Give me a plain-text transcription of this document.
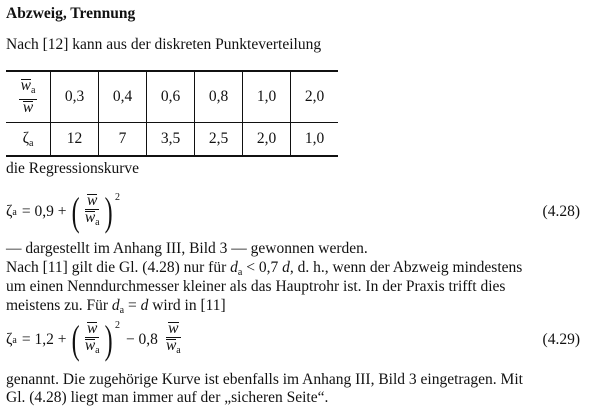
Abzweig, Trennung
Nach [12] kann aus der diskreten Punkteverteilung
$\frac{w_a}{w}$	0,3	0,4	0,6	0,8	1,0	2,0
$\zeta_a$	12	7	3,5	2,5	2,0	1,0
die Regressionskurve
ζ a = 0,9 + ( $\frac{w}{w_a}$ ) 2
(4.28)
— dargestellt im Anhang III, Bild 3 — gewonnen werden.
Nach [11] gilt die Gl. (4.28) nur für $d_a < 0,7$ d, d. h., wenn der Abzweig mindestens
um einen Nenndurchmesser kleiner als das Hauptrohr ist. In der Praxis trifft dies
meistens zu. Für $d_a = d$ wird in [11]
ζ a = 1,2 + ( $\frac{w}{w_a}$ ) 2
− $0,8 \frac{w}{w_a}$	(4.29)
genannt. Die zugehörige Kurve ist ebenfalls im Anhang III, Bild 3 eingetragen. Mit
Gl. (4.28) liegt man immer auf der „sicheren Seite“.
